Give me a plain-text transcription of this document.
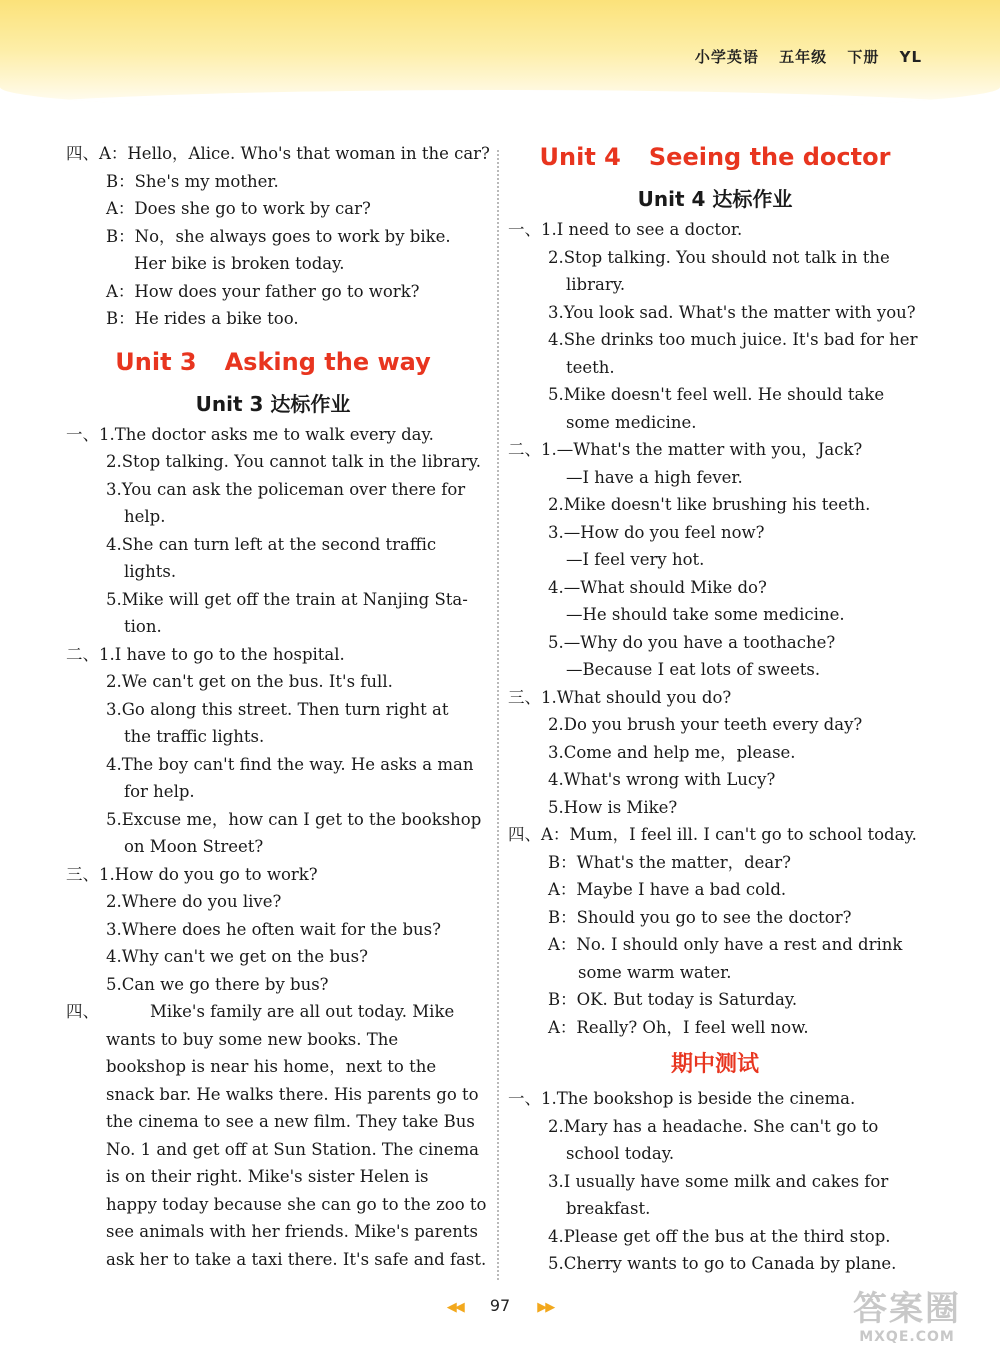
小学英语 五年级 下册 YL
四、A：Hello，Alice. Who's that woman in the car?
B：She's my mother.
A：Does she go to work by car?
B：No，she always goes to work by bike.
Her bike is broken today.
A：How does your father go to work?
B：He rides a bike too.
Unit 3 Asking the way
Unit 3 达标作业
一、1.The doctor asks me to walk every day.
2.Stop talking. You cannot talk in the library.
3.You can ask the policeman over there for
help.
4.She can turn left at the second traffic
lights.
5.Mike will get off the train at Nanjing Sta-
tion.
二、1.I have to go to the hospital.
2.We can't get on the bus. It's full.
3.Go along this street. Then turn right at
the traffic lights.
4.The boy can't find the way. He asks a man
for help.
5.Excuse me，how can I get to the bookshop
on Moon Street?
三、1.How do you go to work?
2.Where do you live?
3.Where does he often wait for the bus?
4.Why can't we get on the bus?
5.Can we go there by bus?
四、	Mike's family are all out today. Mike
wants to buy some new books. The
bookshop is near his home，next to the
snack bar. He walks there. His parents go to
the cinema to see a new film. They take Bus
No. 1 and get off at Sun Station. The cinema
is on their right. Mike's sister Helen is
happy today because she can go to the zoo to
see animals with her friends. Mike's parents
ask her to take a taxi there. It's safe and fast.
Unit 4 Seeing the doctor
Unit 4 达标作业
一、1.I need to see a doctor.
2.Stop talking. You should not talk in the
library.
3.You look sad. What's the matter with you?
4.She drinks too much juice. It's bad for her
teeth.
5.Mike doesn't feel well. He should take
some medicine.
二、1.—What's the matter with you，Jack?
—I have a high fever.
2.Mike doesn't like brushing his teeth.
3.—How do you feel now?
—I feel very hot.
4.—What should Mike do?
—He should take some medicine.
5.—Why do you have a toothache?
—Because I eat lots of sweets.
三、1.What should you do?
2.Do you brush your teeth every day?
3.Come and help me，please.
4.What's wrong with Lucy?
5.How is Mike?
四、A：Mum，I feel ill. I can't go to school today.
B：What's the matter，dear?
A：Maybe I have a bad cold.
B：Should you go to see the doctor?
A：No. I should only have a rest and drink
some warm water.
B：OK. But today is Saturday.
A：Really? Oh，I feel well now.
期中测试
一、1.The bookshop is beside the cinema.
2.Mary has a headache. She can't go to
school today.
3.I usually have some milk and cakes for
breakfast.
4.Please get off the bus at the third stop.
5.Cherry wants to go to Canada by plane.
◀◀ 97 ▶▶	答案圈
MXQE.COM
